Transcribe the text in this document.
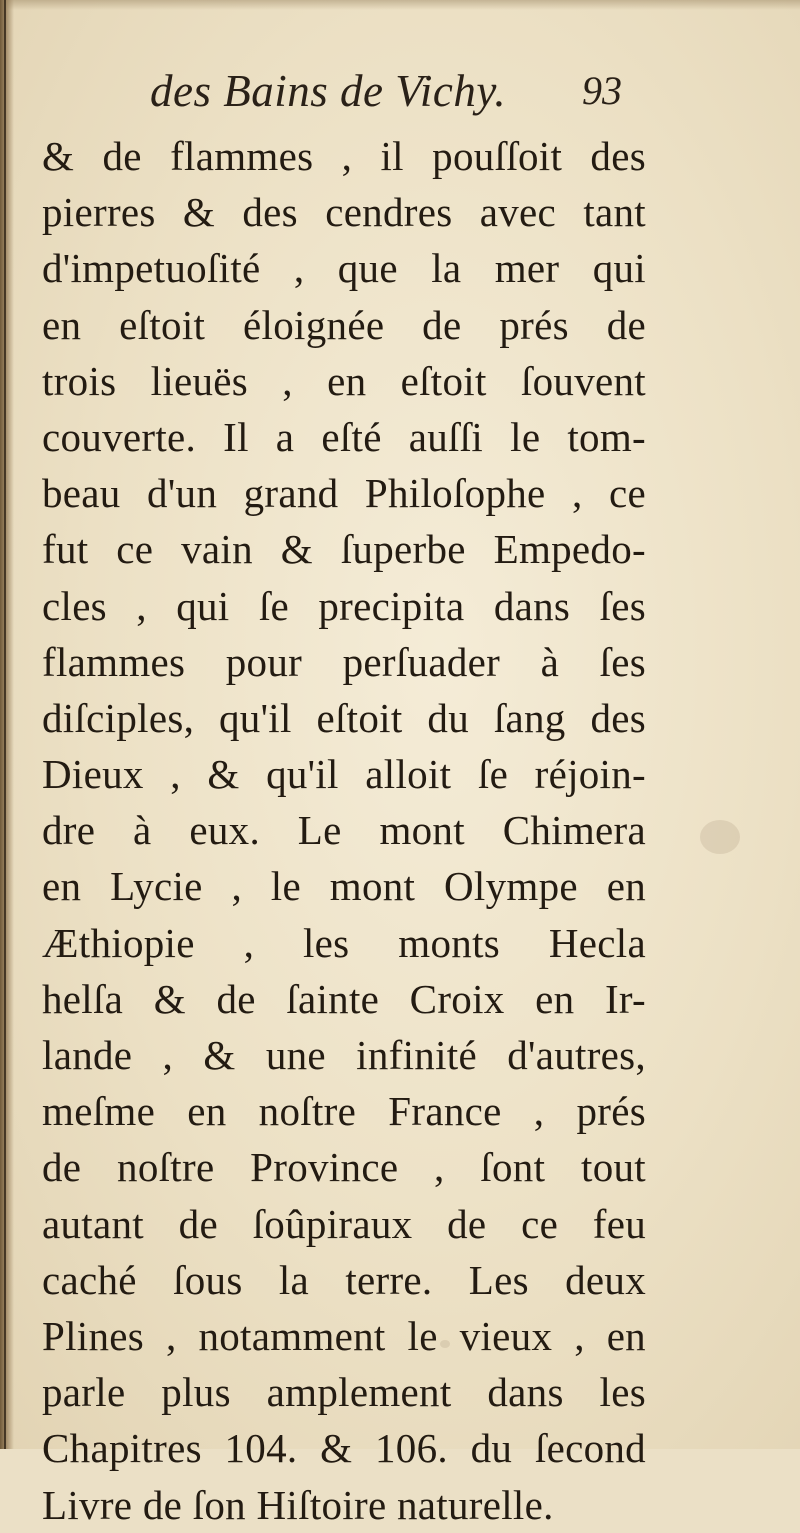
des Bains de Vichy. 93
& de flammes , il pouſſoit des
pierres & des cendres avec tant
d'impetuoſité , que la mer qui
en eſtoit éloignée de prés de
trois lieuës , en eſtoit ſouvent
couverte. Il a eſté auſſi le tom-
beau d'un grand Philoſophe , ce
fut ce vain & ſuperbe Empedo-
cles , qui ſe precipita dans ſes
flammes pour perſuader à ſes
diſciples, qu'il eſtoit du ſang des
Dieux , & qu'il alloit ſe réjoin-
dre à eux. Le mont Chimera
en Lycie , le mont Olympe en
Æthiopie , les monts Hecla
helſa & de ſainte Croix en Ir-
lande , & une infinité d'autres,
meſme en noſtre France , prés
de noſtre Province , ſont tout
autant de ſoûpiraux de ce feu
caché ſous la terre. Les deux
Plines , notamment le vieux , en
parle plus amplement dans les
Chapitres 104. & 106. du ſecond
Livre de ſon Hiſtoire naturelle.
